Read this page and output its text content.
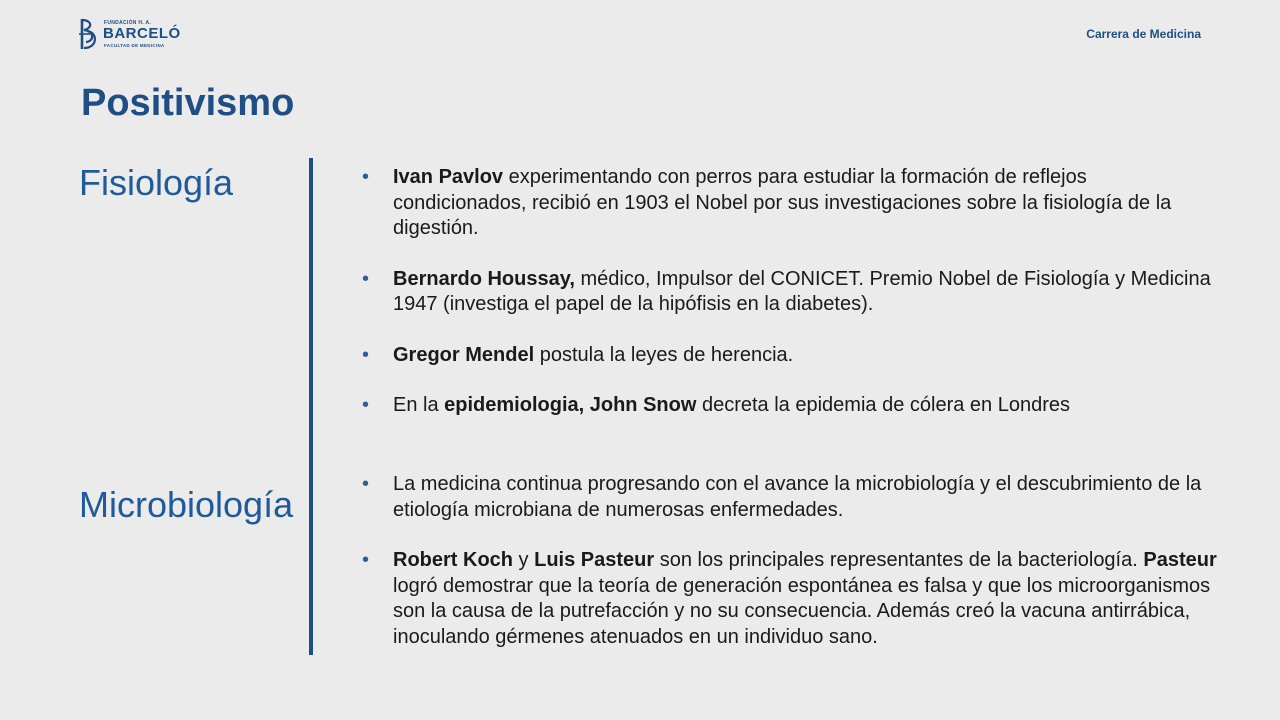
FUNDACIÓN H. A.
BARCELÓ
FACULTAD DE MEDICINA
Carrera de Medicina
Positivismo
Fisiología
Microbiología
• Ivan Pavlov experimentando con perros para estudiar la formación de reflejos condicionados, recibió en 1903 el Nobel por sus investigaciones sobre la fisiología de la digestión.
• Bernardo Houssay, médico, Impulsor del CONICET. Premio Nobel de Fisiología y Medicina 1947 (investiga el papel de la hipófisis en la diabetes).
• Gregor Mendel postula la leyes de herencia.
• En la epidemiologia, John Snow decreta la epidemia de cólera en Londres
• La medicina continua progresando con el avance la microbiología y el descubrimiento de la etiología microbiana de numerosas enfermedades.
• Robert Koch y Luis Pasteur son los principales representantes de la bacteriología. Pasteur logró demostrar que la teoría de generación espontánea es falsa y que los microorganismos son la causa de la putrefacción y no su consecuencia. Además creó la vacuna antirrábica, inoculando gérmenes atenuados en un individuo sano.
